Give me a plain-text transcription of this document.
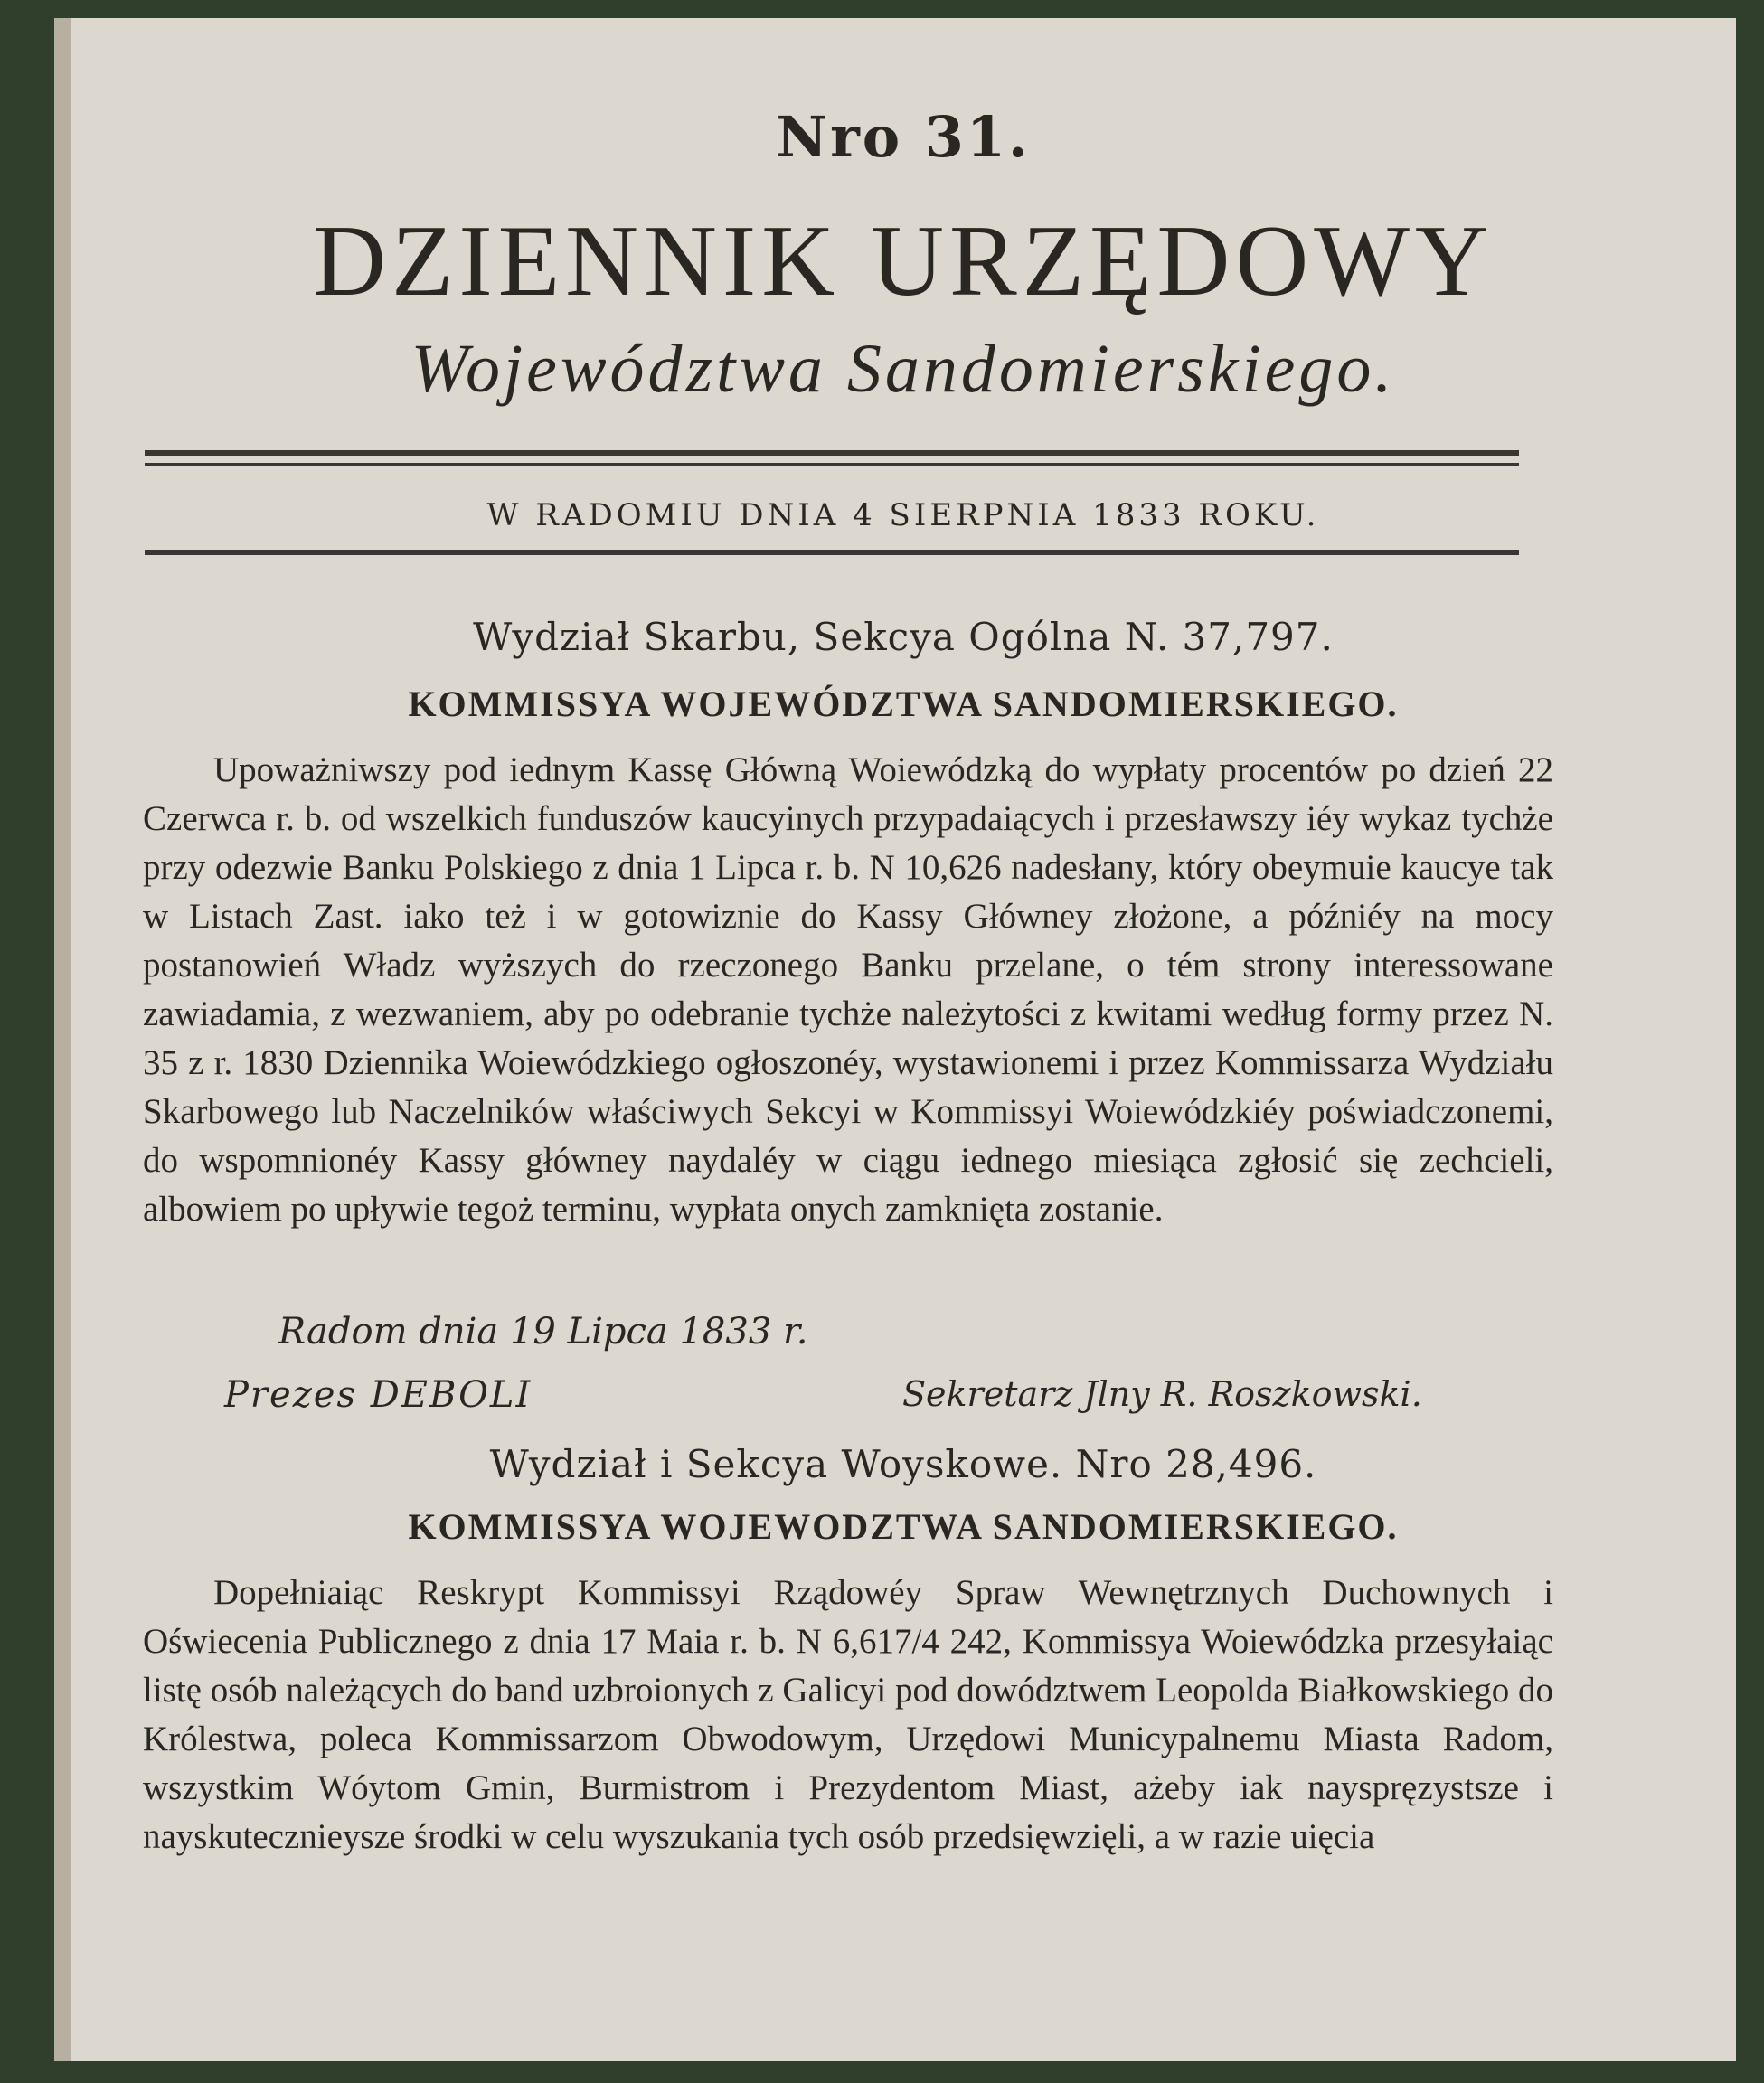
Nro 31.
DZIENNIK URZĘDOWY
Województwa Sandomierskiego.
W RADOMIU DNIA 4 SIERPNIA 1833 ROKU.
Wydział Skarbu, Sekcya Ogólna N. 37,797.
KOMMISSYA WOJEWÓDZTWA SANDOMIERSKIEGO.

Upoważniwszy pod iednym Kassę Główną Woiewódzką do wypłaty procentów po dzień 22 Czerwca r. b. od wszelkich funduszów kaucyinych przypadaiących i przesławszy iéy wykaz tychże przy odezwie Banku Polskiego z dnia 1 Lipca r. b. N 10,626 nadesłany, który obeymuie kaucye tak w Listach Zast. iako też i w gotowiznie do Kassy Główney złożone, a późniéy na mocy postanowień Władz wyższych do rzeczonego Banku przelane, o tém strony interessowane zawiadamia, z wezwaniem, aby po odebranie tychże należytości z kwitami według formy przez N. 35 z r. 1830 Dziennika Woiewódzkiego ogłoszonéy, wystawionemi i przez Kommissarza Wydziału Skarbowego lub Naczelników właściwych Sekcyi w Kommissyi Woiewódzkiéy poświadczonemi, do wspomnionéy Kassy główney naydaléy w ciągu iednego miesiąca zgłosić się zechcieli, albowiem po upływie tegoż terminu, wypłata onych zamknięta zostanie.

Radom dnia 19 Lipca 1833 r.
Prezes DEBOLI	Sekretarz Jlny R. Roszkowski.
Wydział i Sekcya Woyskowe. Nro 28,496.
KOMMISSYA WOJEWODZTWA SANDOMIERSKIEGO.

Dopełniaiąc Reskrypt Kommissyi Rządowéy Spraw Wewnętrznych Duchownych i Oświecenia Publicznego z dnia 17 Maia r. b. N 6,617/4 242, Kommissya Woiewódzka przesyłaiąc listę osób należących do band uzbroionych z Galicyi pod dowództwem Leopolda Białkowskiego do Królestwa, poleca Kommissarzom Obwodowym, Urzędowi Municypalnemu Miasta Radom, wszystkim Wóytom Gmin, Burmistrom i Prezydentom Miast, ażeby iak nayspręzystsze i nayskutecznieysze środki w celu wyszukania tych osób przedsięwzięli, a w razie uięcia
